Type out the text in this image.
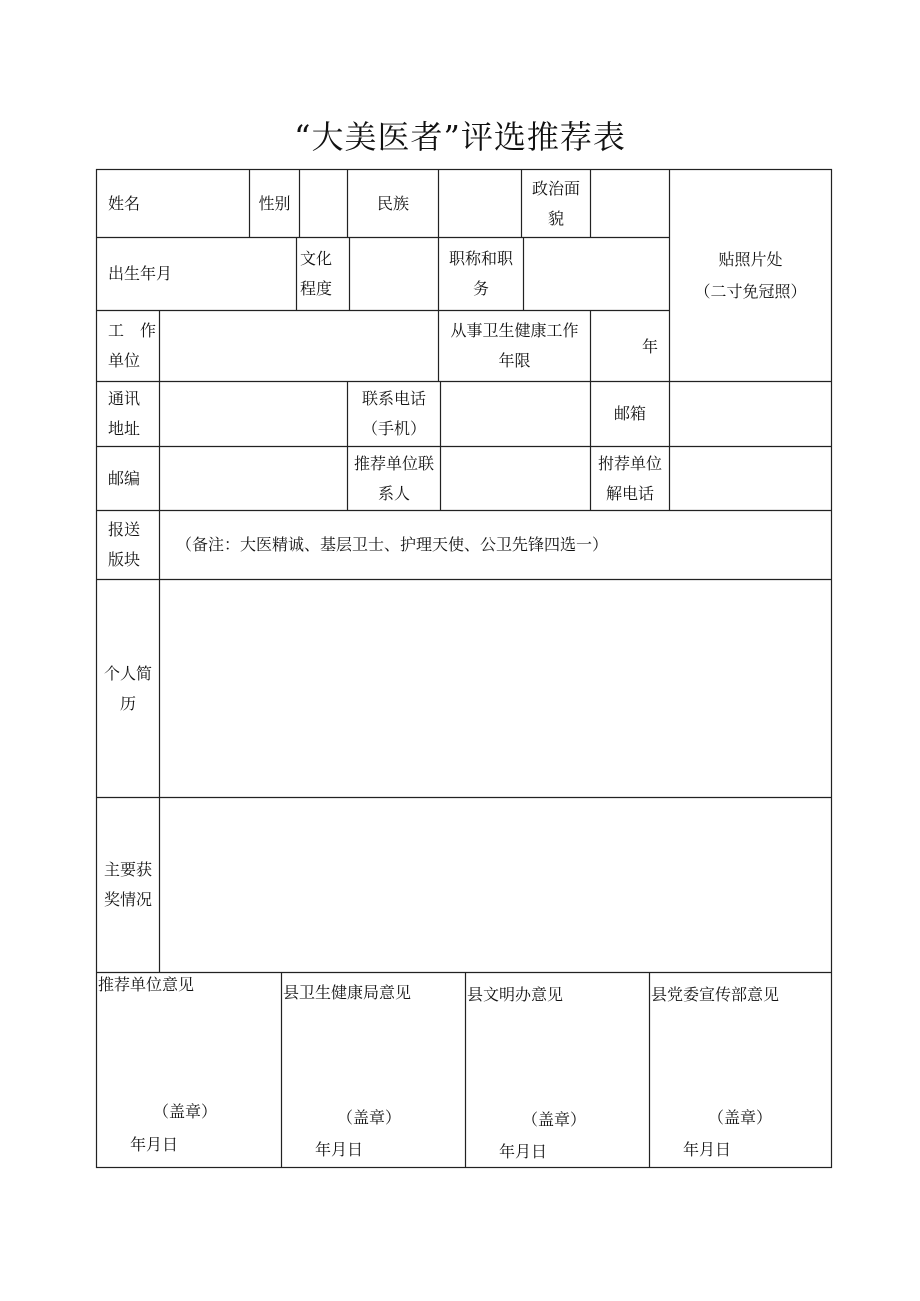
“大美医者”评选推荐表
姓名	性别	民族
政治面
貌
贴照片处
（二寸免冠照）
出生年月
文化
程度
职称和职
务
工　作
单位
从事卫生健康工作
年限
年
通讯
地址
联系电话
（手机）
邮箱
邮编
推荐单位联
系人
拊荐单位
解电话
报送
版块
（备注：大医精诚、基层卫士、护理天使、公卫先锋四选一）
个人简
历
主要获
奖情况
推荐单位意见
（盖章）
年月日
县卫生健康局意见
（盖章）
年月日
县文明办意见
（盖章）
年月日
县党委宣传部意见
（盖章）
年月日
